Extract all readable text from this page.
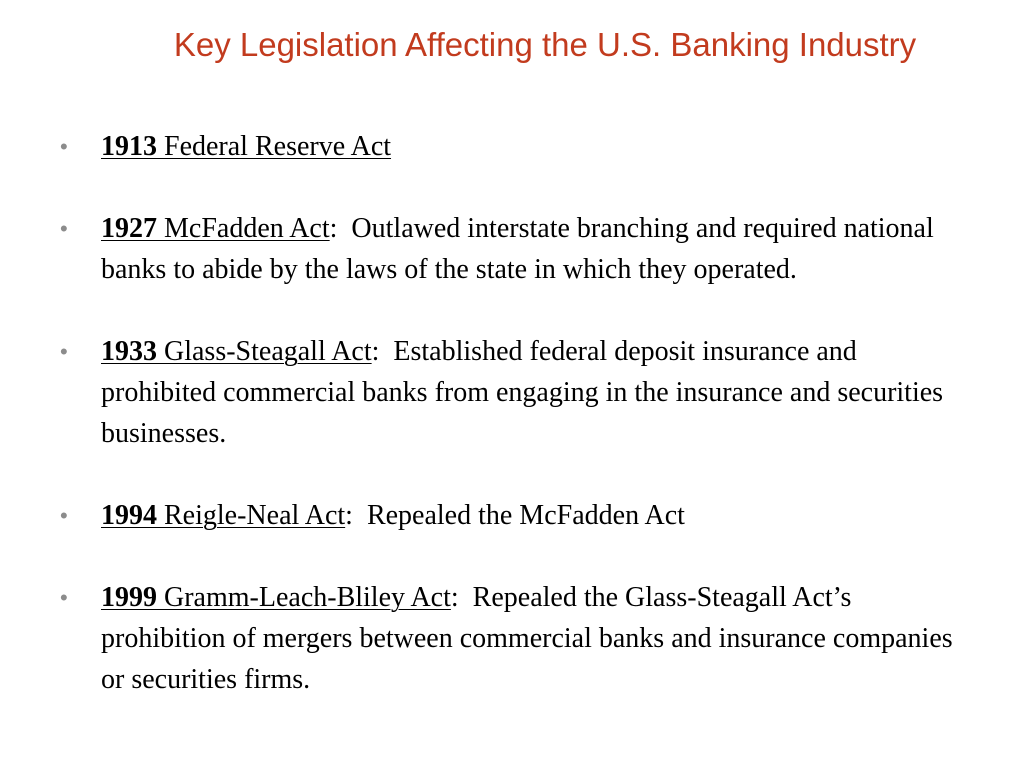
Key Legislation Affecting the U.S. Banking Industry
• 1913 Federal Reserve Act
• 1927 McFadden Act: Outlawed interstate branching and required national banks to abide by the laws of the state in which they operated.
• 1933 Glass-Steagall Act: Established federal deposit insurance and prohibited commercial banks from engaging in the insurance and securities businesses.
• 1994 Reigle-Neal Act: Repealed the McFadden Act
• 1999 Gramm-Leach-Bliley Act: Repealed the Glass-Steagall Act’s prohibition of mergers between commercial banks and insurance companies or securities firms.
